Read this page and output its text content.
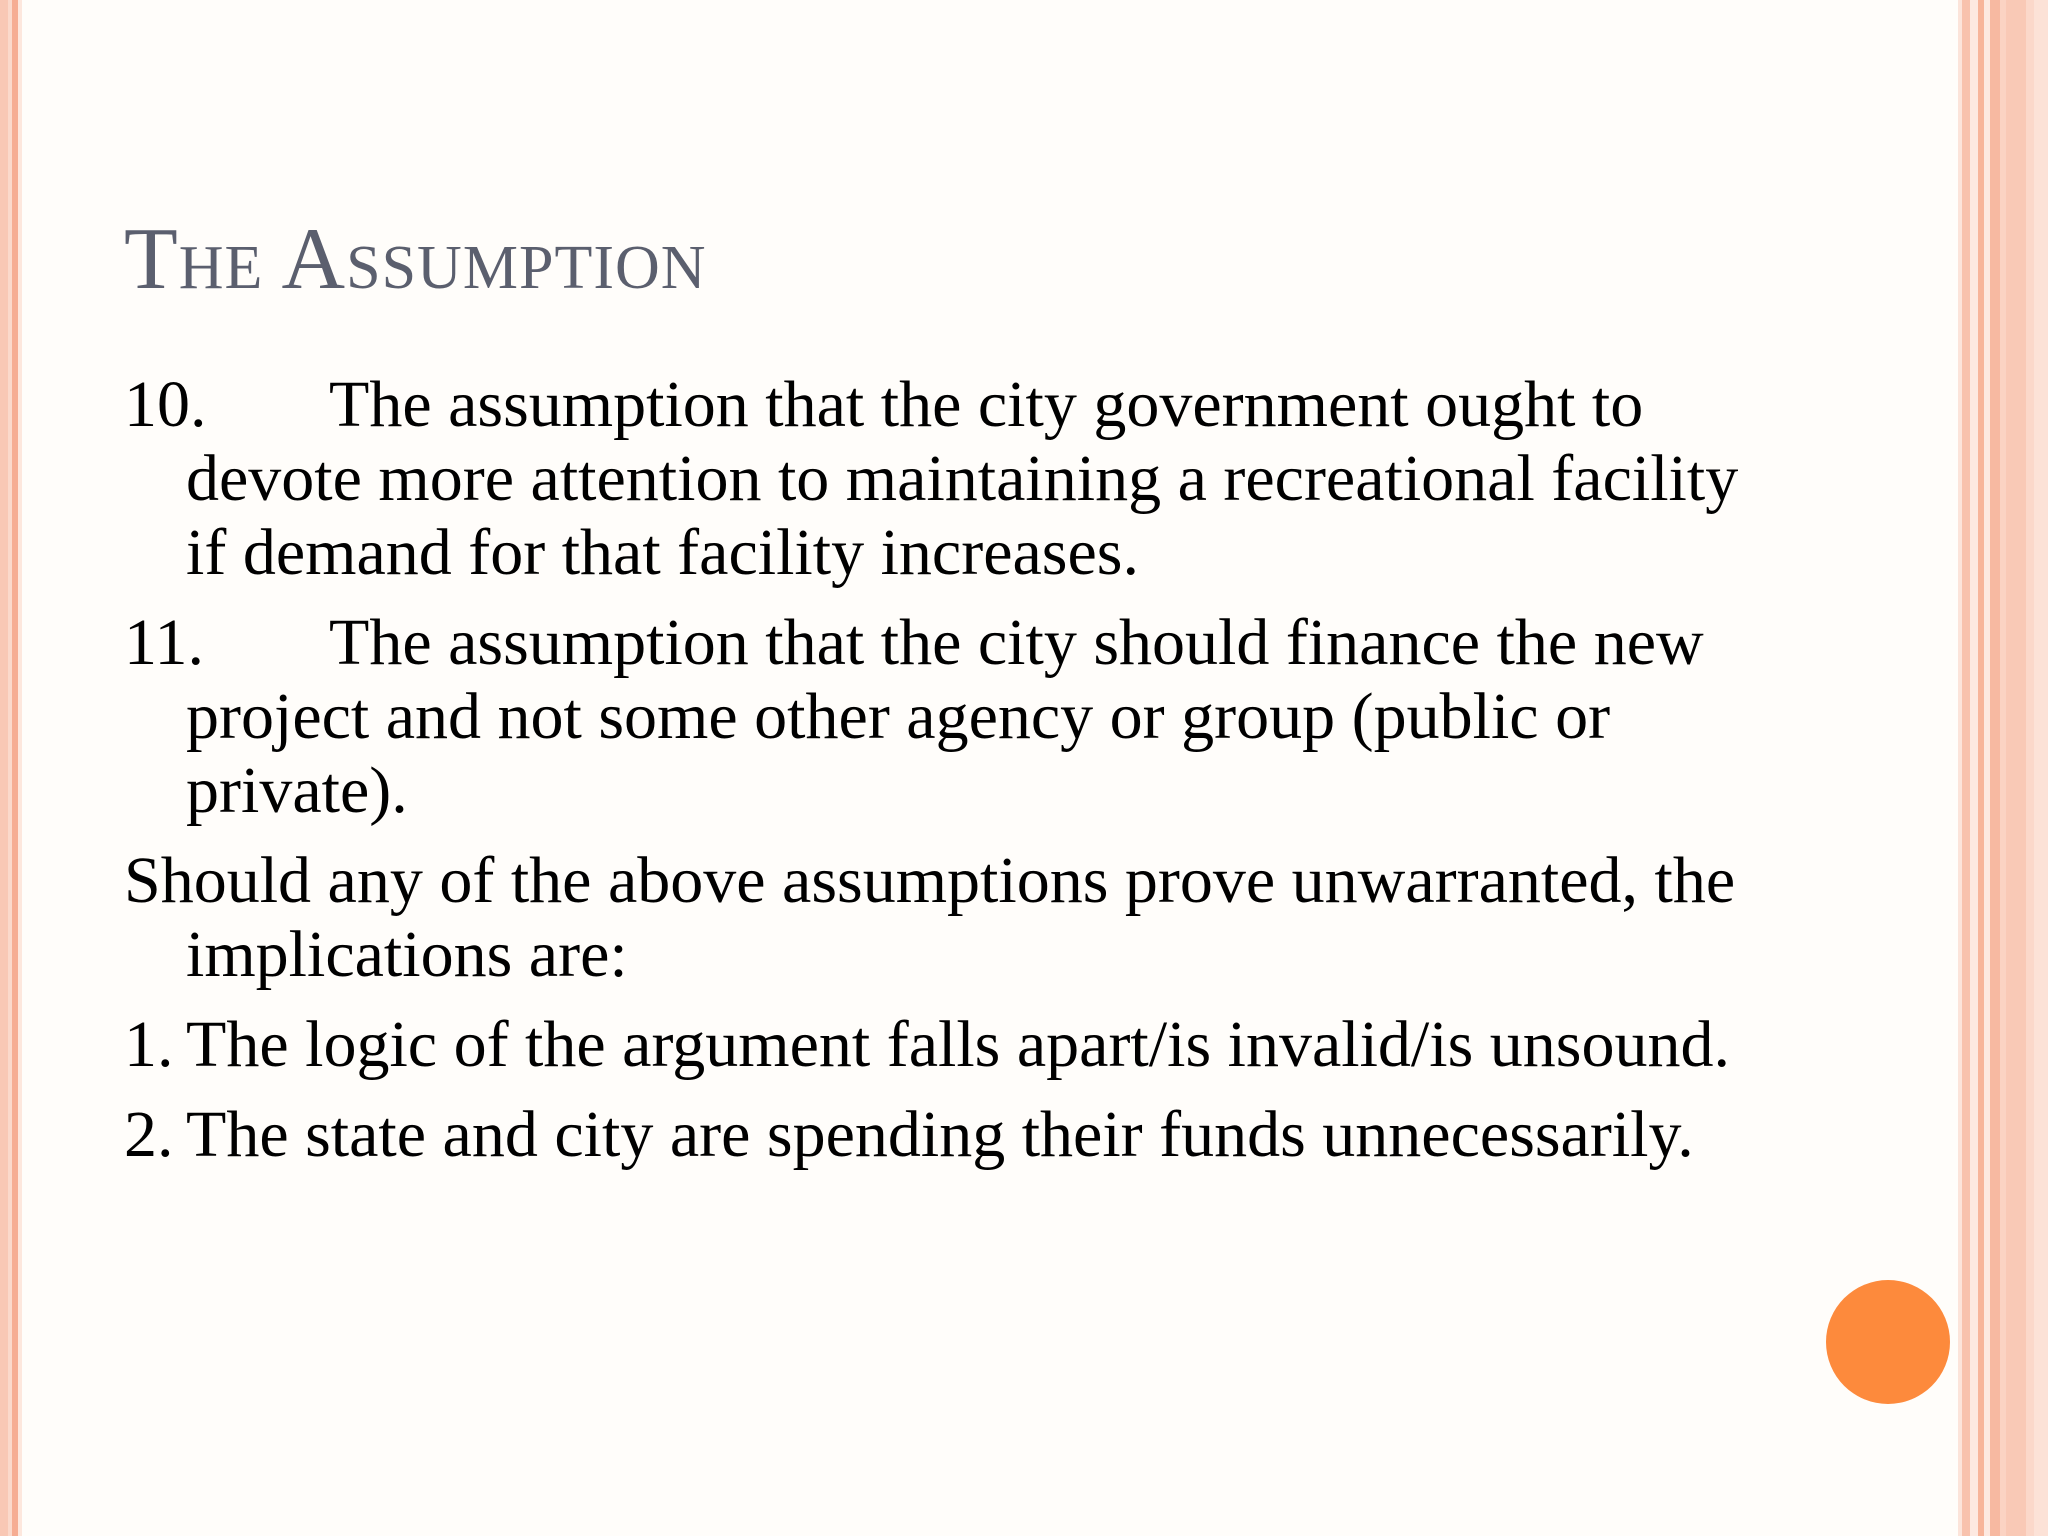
The Assumption
10. The assumption that the city government ought to devote more attention to maintaining a recreational facility if demand for that facility increases.
11. The assumption that the city should finance the new project and not some other agency or group (public or private).
Should any of the above assumptions prove unwarranted, the implications are:
1. The logic of the argument falls apart/is invalid/is unsound.
2. The state and city are spending their funds unnecessarily.
